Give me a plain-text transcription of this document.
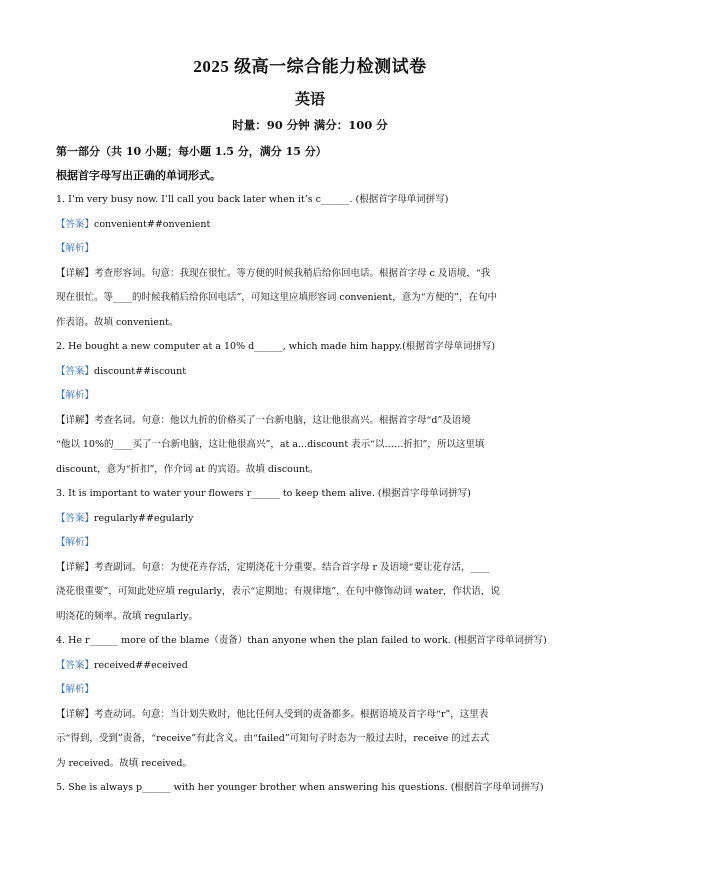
2025 级高一综合能力检测试卷
英语
时量：90 分钟 满分：100 分
第一部分（共 10 小题；每小题 1.5 分，满分 15 分）
根据首字母写出正确的单词形式。
1. I’m very busy now. I’ll call you back later when it’s c______. (根据首字母单词拼写)
【答案】convenient##onvenient
【解析】
【详解】考查形容词。句意：我现在很忙。等方便的时候我稍后给你回电话。根据首字母 c 及语境，“我
现在很忙。等____的时候我稍后给你回电话”，可知这里应填形容词 convenient，意为“方便的”，在句中
作表语。故填 convenient。
2. He bought a new computer at a 10% d______, which made him happy.(根据首字母单词拼写)
【答案】discount##iscount
【解析】
【详解】考查名词。句意：他以九折的价格买了一台新电脑，这让他很高兴。根据首字母“d”及语境
“他以 10%的____买了一台新电脑，这让他很高兴”，at a...discount 表示“以……折扣”，所以这里填
discount，意为“折扣”，作介词 at 的宾语。故填 discount。
3. It is important to water your flowers r______ to keep them alive. (根据首字母单词拼写)
【答案】regularly##egularly
【解析】
【详解】考查副词。句意：为使花卉存活，定期浇花十分重要。结合首字母 r 及语境“要让花存活，____
浇花很重要”，可知此处应填 regularly，表示“定期地；有规律地”，在句中修饰动词 water，作状语，说
明浇花的频率。故填 regularly。
4. He r______ more of the blame（责备）than anyone when the plan failed to work. (根据首字母单词拼写)
【答案】received##eceived
【解析】
【详解】考查动词。句意：当计划失败时，他比任何人受到的责备都多。根据语境及首字母“r”，这里表
示“得到，受到”责备，“receive”有此含义。由“failed”可知句子时态为一般过去时，receive 的过去式
为 received。故填 received。
5. She is always p______ with her younger brother when answering his questions. (根据首字母单词拼写)
